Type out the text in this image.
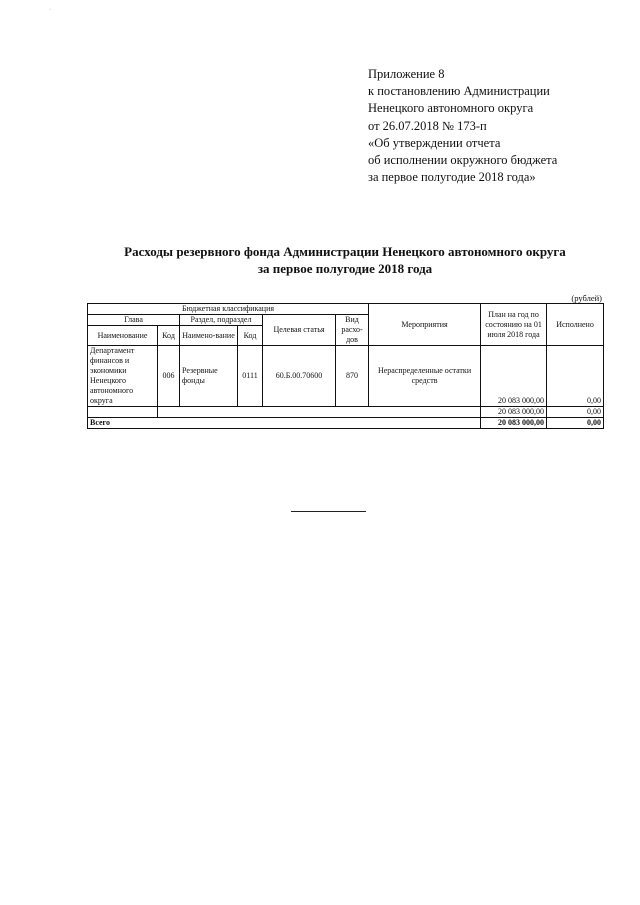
·
Приложение 8
к постановлению Администрации
Ненецкого автономного округа
от 26.07.2018 № 173-п
«Об утверждении отчета
об исполнении окружного бюджета
за первое полугодие 2018 года»
Расходы резервного фонда Администрации Ненецкого автономного округа
за первое полугодие 2018 года
(рублей)
Бюджетная классификация						Мероприятия	План на год по состоянию на 01 июля 2018 года	Исполнено
Глава		Раздел, подраздел		Целевая статья	Вид расхо-дов			
Наименование	Код	Наимено-вание	Код					
Департамент финансов и экономики Ненецкого автономного округа	006	Резервные фонды	0111	60.Б.00.70600	870	Нераспределенные остатки средств	20 083 000,00	0,00
							20 083 000,00	0,00
Всего							20 083 000,00	0,00
